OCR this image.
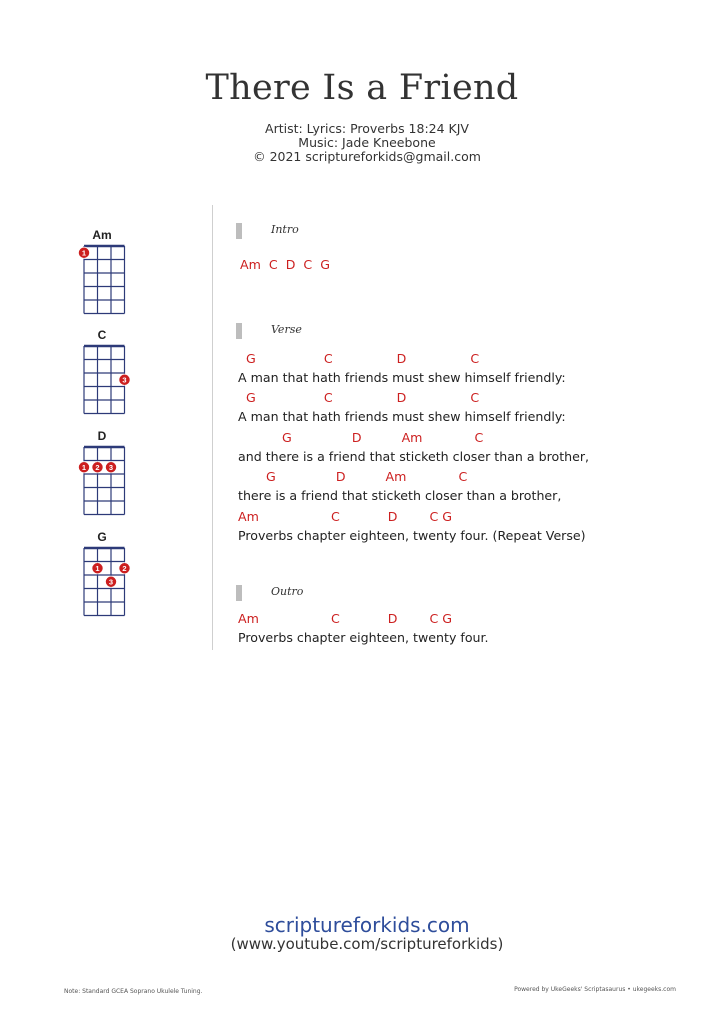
There Is a Friend
Artist: Lyrics: Proverbs 18:24 KJV
Music: Jade Kneebone
© 2021 scriptureforkids@gmail.com
Am
1
C
3
D
1 2 3
G
1	2
3
Intro
Am  C  D  C  G
Verse
G                 C                D                C
A man that hath friends must shew himself friendly:
G                 C                D                C
A man that hath friends must shew himself friendly:
G               D          Am             C
and there is a friend that sticketh closer than a brother,
G               D          Am             C
there is a friend that sticketh closer than a brother,
Am                  C            D        C G
Proverbs chapter eighteen, twenty four. (Repeat Verse)
Outro
Am                  C            D        C G
Proverbs chapter eighteen, twenty four.
scriptureforkids.com
(www.youtube.com/scriptureforkids)
Note: Standard GCEA Soprano Ukulele Tuning.	Powered by UkeGeeks' Scriptasaurus • ukegeeks.com
